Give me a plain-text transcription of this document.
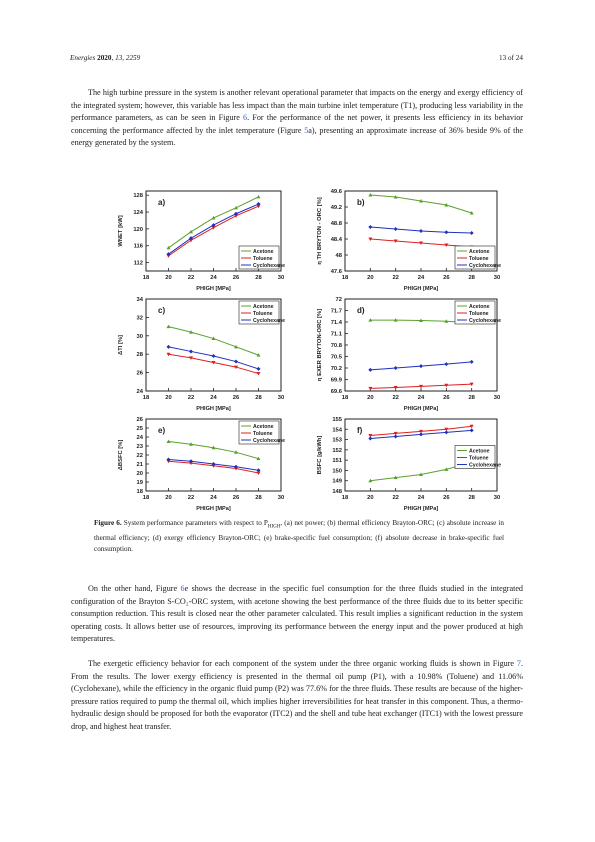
Energies 2020, 13, 2259	13 of 24

The high turbine pressure in the system is another relevant operational parameter that impacts on the energy and exergy efficiency of the integrated system; however, this variable has less impact than the main turbine inlet temperature (T1), producing less variability in the performance parameters, as can be seen in Figure 6. For the performance of the net power, it presents less efficiency in its behavior concerning the performance affected by the inlet temperature (Figure 5a), presenting an approximate increase of 36% beside 9% of the energy generated by the system.

18	20	22	24	26	28	30
112
116
120
124
128
PHIGH [MPa]
WNET [kW]
a)
Acetone
Toluene
Cyclohexane
18	20	22	24	26	28	30
47.6
48
48.4
48.8
49.2
49.6
PHIGH [MPa]
η TH BRYTON - ORC [%]	b)
Acetone
Toluene
Cyclohexane
18	20	22	24	26	28	30
24
26
28
30
32
34
PHIGH [MPa]
ΔTI [%]
c)	Acetone
Toluene
Cyclohexane
18	20	22	24	26	28	30
69.6
69.9
70.2
70.5
70.8
71.1
71.4
71.7
72
PHIGH [MPa]
η EXER BRYTON-ORC [%]	d)	Acetone
Toluene
Cyclohexane
18	20	22	24	26	28	30
18
19
20
21
22
23
24
25
26
PHIGH [MPa]
ΔBSFC [%]
e)	Acetone
Toluene
Cyclohexane
18	20	22	24	26	28	30
148
149
150
151
152
153
154
155
PHIGH [MPa]
BSFC [g/kWh]
f)
Acetone
Toluene
Cyclohexane

Figure 6. System performance parameters with respect to $P_{HIGH}$, (a) net power; (b) thermal efficiency Brayton-ORC; (c) absolute increase in thermal efficiency; (d) exergy efficiency Brayton-ORC; (e) brake-specific fuel consumption; (f) absolute decrease in brake-specific fuel consumption.

On the other hand, Figure 6e shows the decrease in the specific fuel consumption for the three fluids studied in the integrated configuration of the Brayton S-CO₂-ORC system, with acetone showing the best performance of the three fluids due to its better specific consumption reduction. This result is closed near the other parameter calculated. This result implies a significant reduction in the system operating costs. It allows better use of resources, improving its performance between the energy input and the power produced at high temperatures.

The exergetic efficiency behavior for each component of the system under the three organic working fluids is shown in Figure 7. From the results. The lower exergy efficiency is presented in the thermal oil pump (P1), with a 10.98% (Toluene) and 11.06% (Cyclohexane), while the efficiency in the organic fluid pump (P2) was 77.6% for the three fluids. These results are because of the higher-pressure ratios required to pump the thermal oil, which implies higher irreversibilities for heat transfer in this component. Thus, a thermo-hydraulic design should be proposed for both the evaporator (ITC2) and the shell and tube heat exchanger (ITC1) with the lowest pressure drop, and highest heat transfer.
